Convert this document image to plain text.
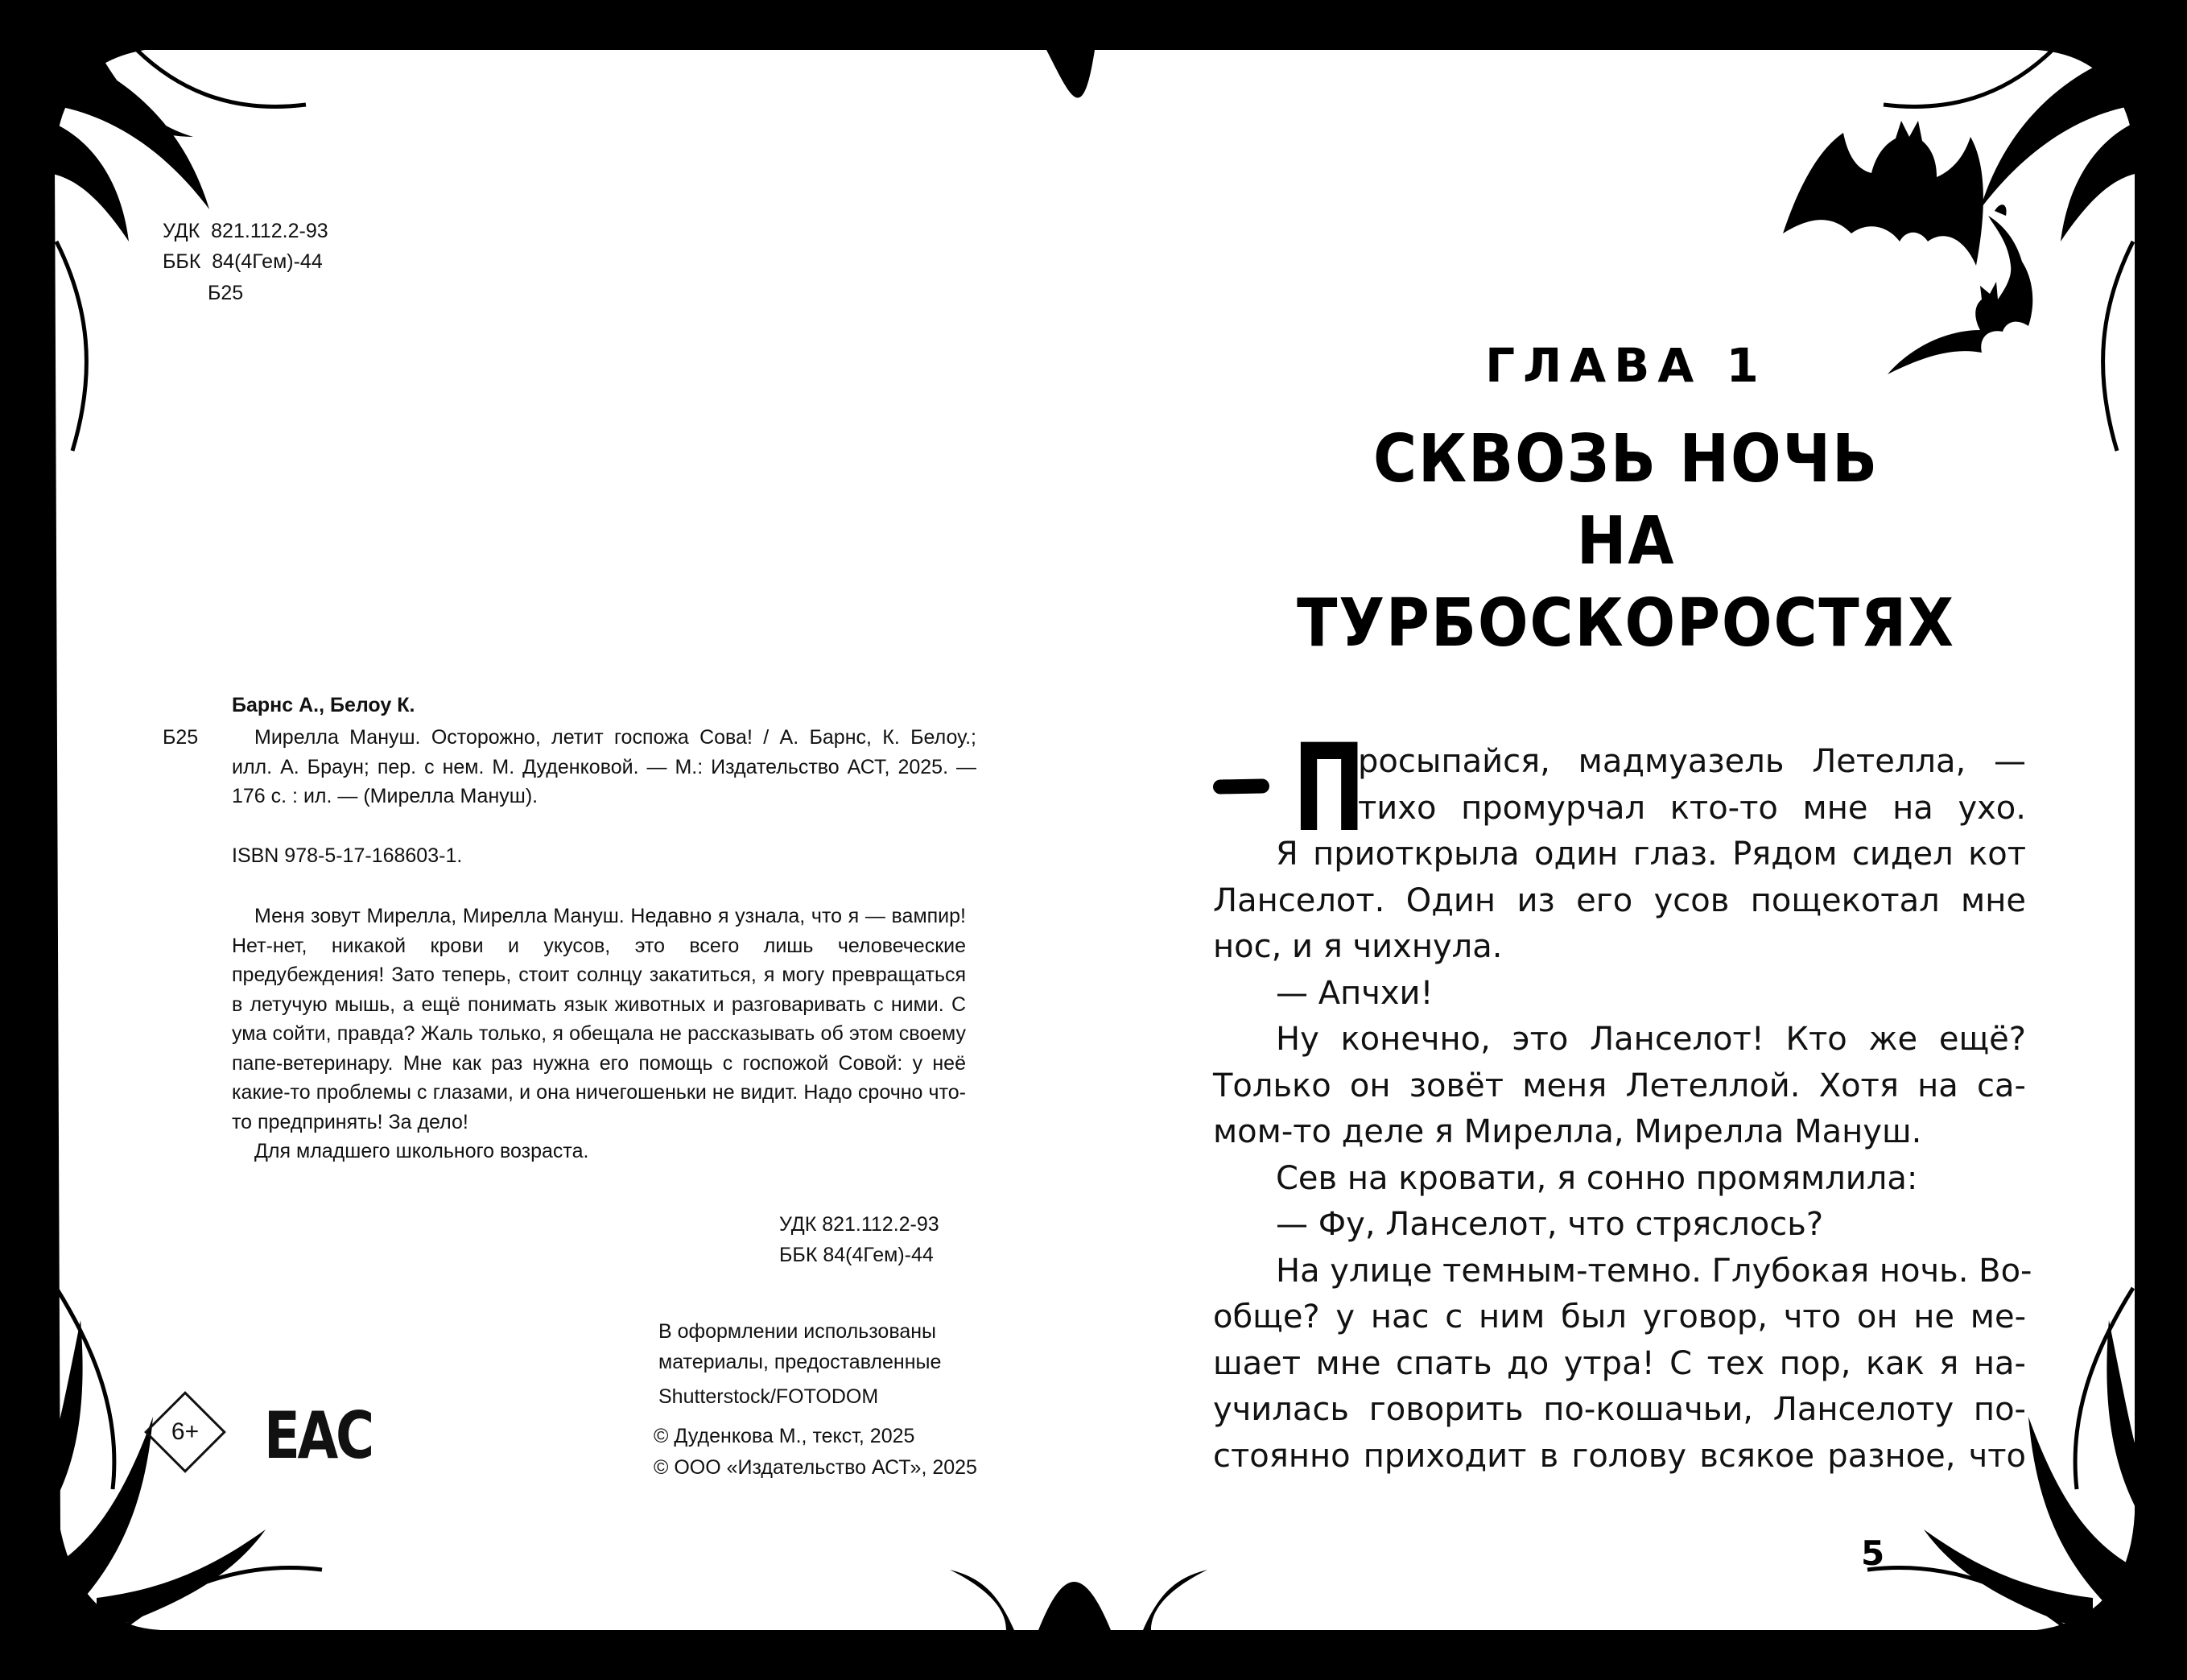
УДК  821.112.2-93
ББК  84(4Гем)-44
Б25
Барнс А., Белоу К.
Б25	Мирелла Мануш. Осторожно, летит госпожа Сова! / А. Барнс, К. Белоу.;
илл. А. Браун; пер. с нем. М. Дуденковой. — М.: Издательство АСТ, 2025. —
176 с. : ил. — (Мирелла Мануш).
ISBN 978-5-17-168603-1.
Меня зовут Мирелла, Мирелла Мануш. Недавно я узнала, что я — вампир! Нет-нет, никакой крови и укусов, это всего лишь человеческие предубеждения! Зато теперь, стоит солнцу закатиться, я могу превращаться в летучую мышь, а ещё понимать язык животных и разговаривать с ними. С ума сойти, правда? Жаль только, я обещала не рассказывать об этом своему папе-ветеринару. Мне как раз нужна его помощь с госпожой Совой: у неё какие-то проблемы с глазами, и она ничегошеньки не видит. Надо срочно что-то предпринять! За дело!
Для младшего школьного возраста.
УДК 821.112.2-93
ББК 84(4Гем)-44
В оформлении использованы
материалы, предоставленные
Shutterstock/FOTODOM
© Дуденкова М., текст, 2025
© ООО «Издательство АСТ», 2025
6+	EAC
ГЛАВА 1
СКВОЗЬ НОЧЬ
НА ТУРБОСКОРОСТЯХ
П
росыпайся, мадмуазель Летелла, —
тихо промурчал кто-то мне на ухо.
Я приоткрыла один глаз. Рядом сидел кот
Ланселот. Один из его усов пощекотал мне
нос, и я чихнула.
— Апчхи!
Ну конечно, это Ланселот! Кто же ещё?
Только он зовёт меня Летеллой. Хотя на са-
мом-то деле я Мирелла, Мирелла Мануш.
Сев на кровати, я сонно промямлила:
— Фу, Ланселот, что стряслось?
На улице темным-темно. Глубокая ночь. Во-
обще? у нас с ним был уговор, что он не ме-
шает мне спать до утра! С тех пор, как я на-
училась говорить по-кошачьи, Ланселоту по-
стоянно приходит в голову всякое разное, что
5
